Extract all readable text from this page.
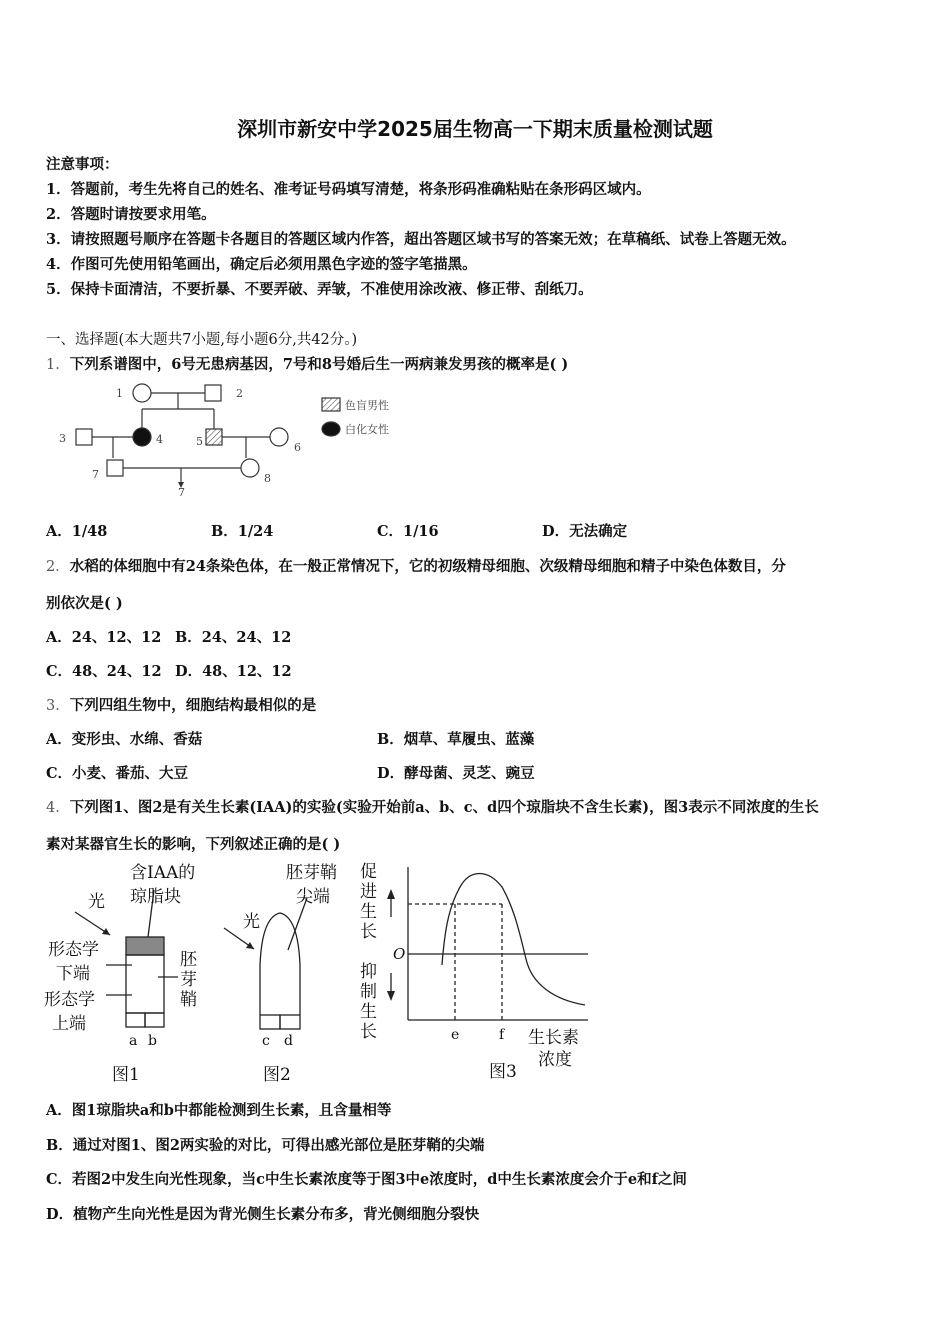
深圳市新安中学2025届生物高一下期末质量检测试题
注意事项：
1．答题前，考生先将自己的姓名、准考证号码填写清楚，将条形码准确粘贴在条形码区域内。
2．答题时请按要求用笔。
3．请按照题号顺序在答题卡各题目的答题区域内作答，超出答题区域书写的答案无效；在草稿纸、试卷上答题无效。
4．作图可先使用铅笔画出，确定后必须用黑色字迹的签字笔描黑。
5．保持卡面清洁，不要折暴、不要弄破、弄皱，不准使用涂改液、修正带、刮纸刀。
一、选择题(本大题共7小题,每小题6分,共42分。)
1．下列系谱图中，6号无患病基因，7号和8号婚后生一两病兼发男孩的概率是( )
1	2
3	4	5	6
7	8
7
色盲男性
白化女性
A．1/48	B．1/24	C．1/16	D．无法确定
2．水稻的体细胞中有24条染色体，在一般正常情况下，它的初级精母细胞、次级精母细胞和精子中染色体数目，分
别依次是( )
A．24、12、12 B．24、24、12
C．48、24、12 D．48、12、12
3．下列四组生物中，细胞结构最相似的是
A．变形虫、水绵、香菇	B．烟草、草履虫、蓝藻
C．小麦、番茄、大豆	D．酵母菌、灵芝、豌豆
4．下列图1、图2是有关生长素(IAA)的实验(实验开始前a、b、c、d四个琼脂块不含生长素)，图3表示不同浓度的生长
素对某器官生长的影响，下列叙述正确的是( )
含IAA的
琼脂块
光
形态学
下端
形态学
上端
胚
芽
鞘
a b
图1
胚芽鞘
尖端
光
c d
图2
促
进
生
长
O
抑
制
生
长	e	f 生长素
浓度
图3
A．图1琼脂块a和b中都能检测到生长素，且含量相等
B．通过对图1、图2两实验的对比，可得出感光部位是胚芽鞘的尖端
C．若图2中发生向光性现象，当c中生长素浓度等于图3中e浓度时，d中生长素浓度会介于e和f之间
D．植物产生向光性是因为背光侧生长素分布多，背光侧细胞分裂快
